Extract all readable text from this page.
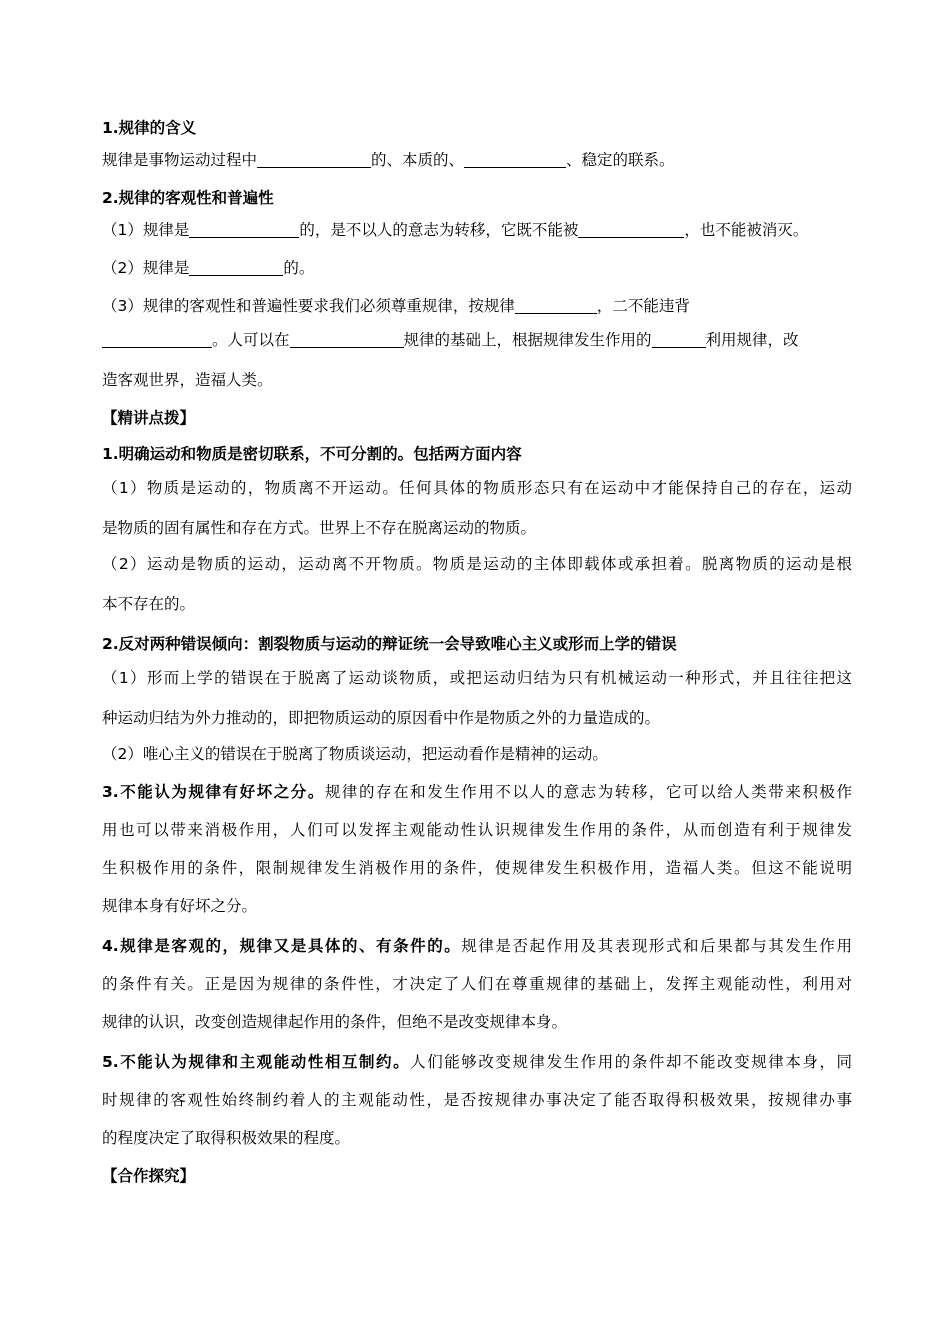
1.规律的含义

规律是事物运动过程中	的、本质的、	、稳定的联系。

2.规律的客观性和普遍性

（1）规律是	的，是不以人的意志为转移，它既不能被	，也不能被消灭。

（2）规律是	的。

（3）规律的客观性和普遍性要求我们必须尊重规律，按规律	，二不能违背

。人可以在	规律的基础上，根据规律发生作用的	利用规律，改

造客观世界，造福人类。

【精讲点拨】

1.明确运动和物质是密切联系，不可分割的。包括两方面内容

（1）物质是运动的，物质离不开运动。任何具体的物质形态只有在运动中才能保持自己的存在，运动

是物质的固有属性和存在方式。世界上不存在脱离运动的物质。

（2）运动是物质的运动，运动离不开物质。物质是运动的主体即载体或承担着。脱离物质的运动是根

本不存在的。

2.反对两种错误倾向：割裂物质与运动的辩证统一会导致唯心主义或形而上学的错误

（1）形而上学的错误在于脱离了运动谈物质，或把运动归结为只有机械运动一种形式，并且往往把这

种运动归结为外力推动的，即把物质运动的原因看中作是物质之外的力量造成的。

（2）唯心主义的错误在于脱离了物质谈运动，把运动看作是精神的运动。

3.不能认为规律有好坏之分。规律的存在和发生作用不以人的意志为转移，它可以给人类带来积极作

用也可以带来消极作用，人们可以发挥主观能动性认识规律发生作用的条件，从而创造有利于规律发

生积极作用的条件，限制规律发生消极作用的条件，使规律发生积极作用，造福人类。但这不能说明

规律本身有好坏之分。

4.规律是客观的，规律又是具体的、有条件的。规律是否起作用及其表现形式和后果都与其发生作用

的条件有关。正是因为规律的条件性，才决定了人们在尊重规律的基础上，发挥主观能动性，利用对

规律的认识，改变创造规律起作用的条件，但绝不是改变规律本身。

5.不能认为规律和主观能动性相互制约。人们能够改变规律发生作用的条件却不能改变规律本身，同

时规律的客观性始终制约着人的主观能动性，是否按规律办事决定了能否取得积极效果，按规律办事

的程度决定了取得积极效果的程度。

【合作探究】
